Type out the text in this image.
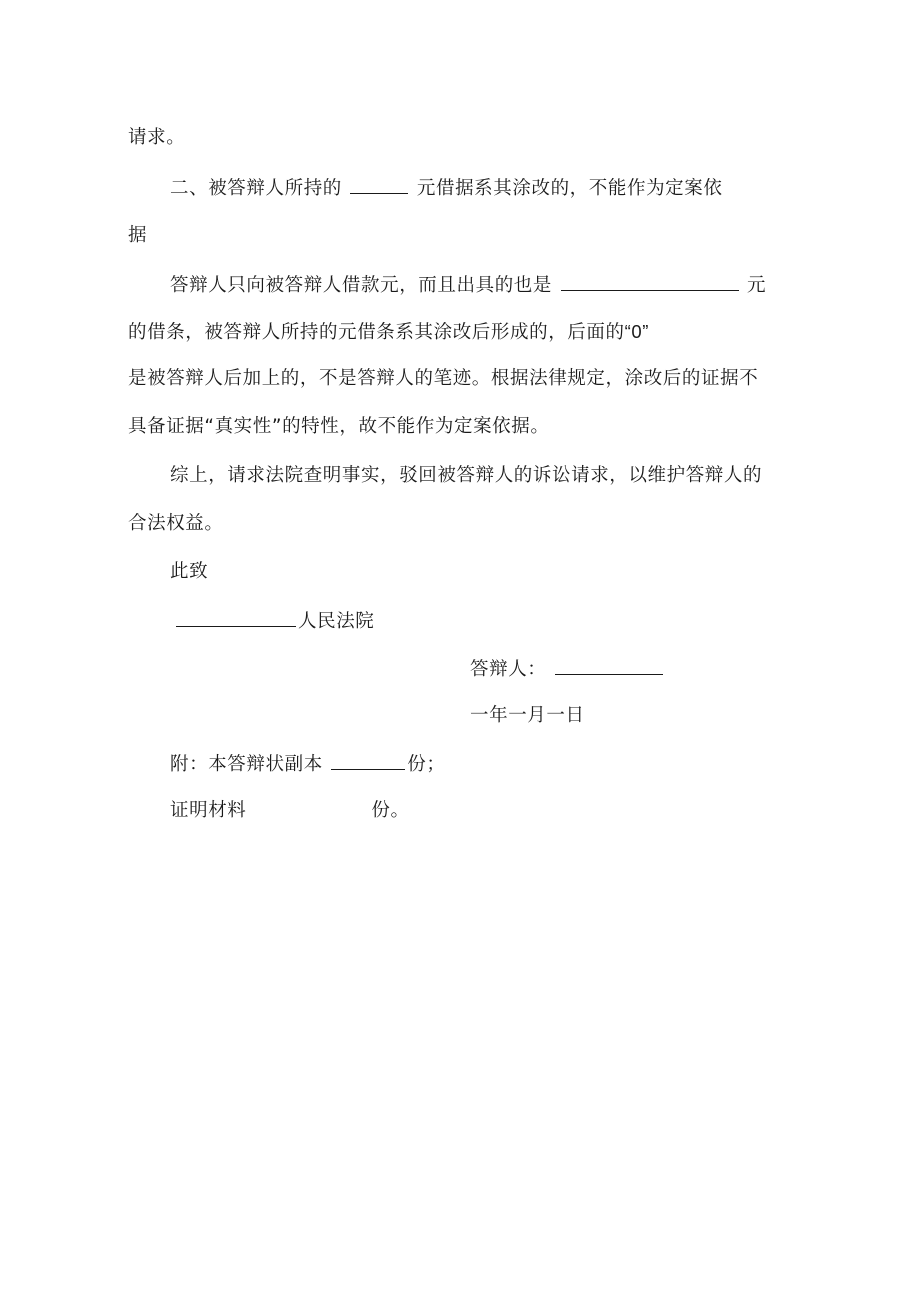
请求。
二、被答辩人所持的	元借据系其涂改的，不能作为定案依
据
答辩人只向被答辩人借款元，而且出具的也是	元
的借条，被答辩人所持的元借条系其涂改后形成的，后面的“0”
是被答辩人后加上的，不是答辩人的笔迹。根据法律规定，涂改后的证据不
具备证据“真实性”的特性，故不能作为定案依据。
综上，请求法院查明事实，驳回被答辩人的诉讼请求，以维护答辩人的
合法权益。
此致
人民法院
答辩人：
一年一月一日
附：本答辩状副本	份；
证明材料	份。
